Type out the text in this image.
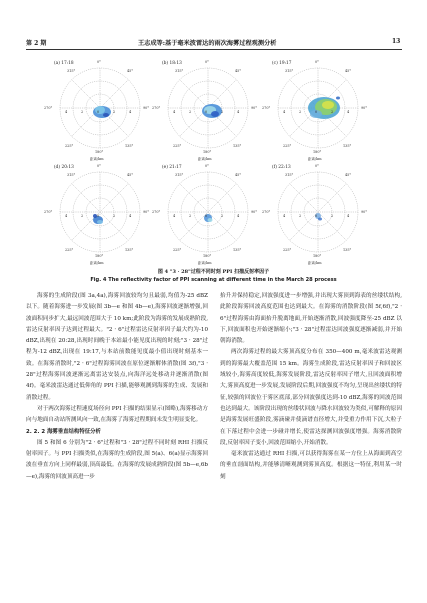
第 2 期	王志成等:基于毫米波雷达的雨次海雾过程观测分析	13
(a) 17:18	0°
315°	45°
270°	90°
225°	135°
180°
4	2	0	2	4
距离/km
(b) 18:13	0°
315°	45°
270°	90°
225°	135°
180°
4	2	0	2	4
距离/km
(c) 19:17	0°
315°	45°
270°	90°
225°	135°
180°
4	2	0	2	4
距离/km
(d) 20:13	0°
315°	45°
270°	90°
225°	135°
180°
4	2	0	2	4
距离/km
(e) 21:17	0°
315°	45°
270°	90°
225°	135°
180°
4	2	0	2	4
距离/km
(f) 22:13	0°
315°	45°
270°	90°
225°	135°
180°
4	2	0	2	4
距离/km
图 4 "3 · 28"过程不同时刻 PPI 扫描反射率因子
Fig. 4 The reflectivity factor of PPI scanning at different time in the March 28 process

海雾的生成阶段(图 3a,4a),海雾回波较均匀且最弱,均值为-25 dBZ 以下。随着海雾进一步发展(图 3b—e 和图 4b—e),海雾回波逐渐增强,回波面积同步扩大,最远回波范围大于 10 km;此阶段为海雾的发展成熟阶段,雷达反射率因子达到过程最大。"2 · 6"过程雷达反射率因子最大约为-10 dBZ,出现在 20:28,出现时间晚于本站最小能见度出现的时刻;"3 · 28"过程为-12 dBZ,出现在 19:17,与本站前数能见度最小值出现时刻基本一致。在海雾消散时,"2 · 6"过程海雾回波在原位逐渐解体消散(图 3f),"3 · 28"过程海雾回波逐渐远离雷达安装点,向海洋远处移动并逐渐消散(图 4f)。毫米波雷达通过低仰角的 PPI 扫描,能够观测到海雾的生成、发展和消散过程。

对于两次海雾过程速度场径向 PPI 扫描的结果显示(图略),海雾移动方向与地面自动站所测风向一致,在海雾了海雾过程期间未发生明显变化。

2. 2. 2 海雾垂直结构特征分析

图 5 和图 6 分别为"2 · 6"过程和"3 · 28"过程不同时刻 RHI 扫描反射率因子。与 PPI 扫描类似,在海雾的生成阶段,图 5(a)、6(a)显示海雾回波在垂直方向上同样最弱,顶高最低。在海雾的发展成熟阶段(图 5b—e,6b—e),海雾的回波顶高进一步

抬升并保持稳定,回波强度进一步增强,并出现大雾顶到海表的丝缕状结构,此阶段海雾回波高度范围也达到最大。在海雾的消散阶段(图 5f,6f),"2 · 6"过程海雾由海面抬升脱离地面,开始逐渐消散,回波强度降至-25 dBZ 以下,回波面积也开始逐渐缩小;"3 · 28"过程雷达回波强度逐渐减弱,并开始朝海消散。

两次海雾过程的最大雾顶高度分布在 350—400 m,毫米波雷达观测到的海雾最大覆盖范围 15 km。海雾生成阶段,雷达反射率因子和回波区域较小,海雾高度较低,海雾发展阶段,雷达反射率因子增大,且回波面积增大,雾顶高度进一步发展,发展阶段后期,回波强度不均匀,呈现出丝缕状的特征,较强的回波位于雾区底部,部分回波强度达到-10 dBZ,海雾的回波范围也达到最大。该阶段出现的丝缕状回波与降水回波较为类似,可解释的原因是海雾发展旺盛阶段,雾滴碰并使滴谱直径增大,并受重力作用下沉,大粒子在下落过程中会进一步碰并增长,使雷达探测回波强度增强。海雾消散阶段,反射率因子变小,回波范围缩小,开始消散。

毫米波雷达通过 RHI 扫描,可以获得海雾在某一方位上从海面到高空的垂直剖面结构,并能够清晰观测到雾顶高度。根据这一特征,利用某一时刻
